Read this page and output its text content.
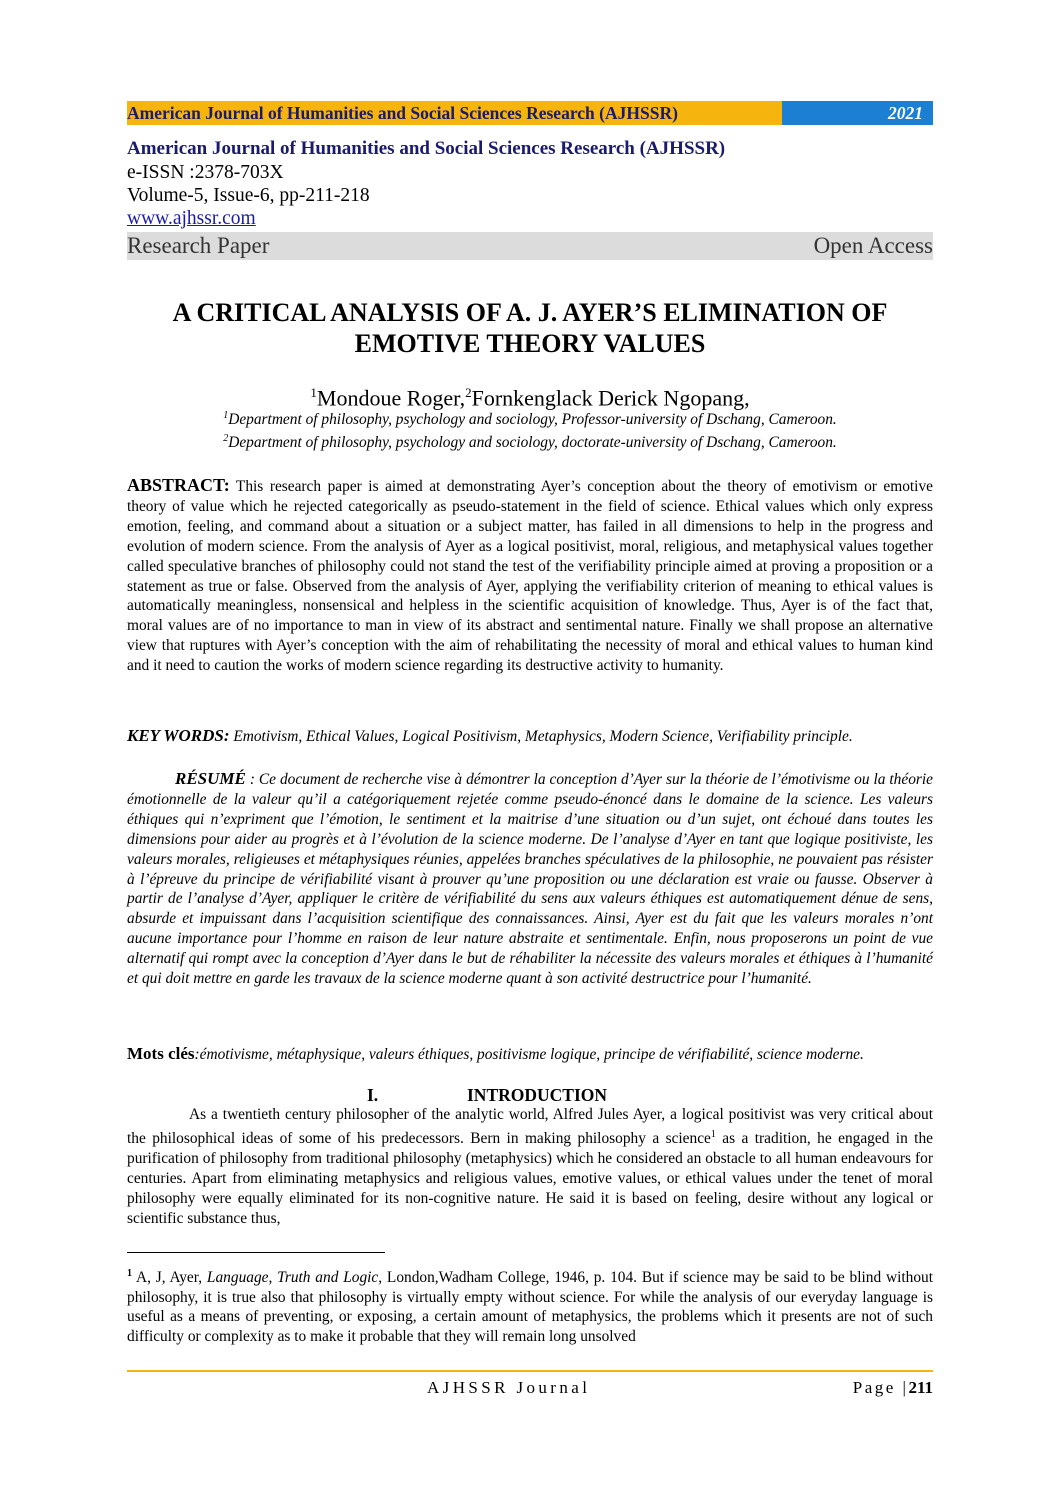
American Journal of Humanities and Social Sciences Research (AJHSSR)	2021
American Journal of Humanities and Social Sciences Research (AJHSSR)
e-ISSN :2378-703X
Volume-5, Issue-6, pp-211-218
www.ajhssr.com
Research Paper	Open Access
A CRITICAL ANALYSIS OF A. J. AYER’S ELIMINATION OF
EMOTIVE THEORY VALUES
$^1$Mondoue Roger,$^2$Fornkenglack Derick Ngopang,
$^1$Department of philosophy, psychology and sociology, Professor-university of Dschang, Cameroon.
$^2$Department of philosophy, psychology and sociology, doctorate-university of Dschang, Cameroon.
ABSTRACT: This research paper is aimed at demonstrating Ayer’s conception about the theory of emotivism or emotive theory of value which he rejected categorically as pseudo-statement in the field of science. Ethical values which only express emotion, feeling, and command about a situation or a subject matter, has failed in all dimensions to help in the progress and evolution of modern science. From the analysis of Ayer as a logical positivist, moral, religious, and metaphysical values together called speculative branches of philosophy could not stand the test of the verifiability principle aimed at proving a proposition or a statement as true or false. Observed from the analysis of Ayer, applying the verifiability criterion of meaning to ethical values is automatically meaningless, nonsensical and helpless in the scientific acquisition of knowledge. Thus, Ayer is of the fact that, moral values are of no importance to man in view of its abstract and sentimental nature. Finally we shall propose an alternative view that ruptures with Ayer’s conception with the aim of rehabilitating the necessity of moral and ethical values to human kind and it need to caution the works of modern science regarding its destructive activity to humanity.
KEY WORDS: Emotivism, Ethical Values, Logical Positivism, Metaphysics, Modern Science, Verifiability principle.
RÉSUMÉ : Ce document de recherche vise à démontrer la conception d’Ayer sur la théorie de l’émotivisme ou la théorie émotionnelle de la valeur qu’il a catégoriquement rejetée comme pseudo-énoncé dans le domaine de la science. Les valeurs éthiques qui n’expriment que l’émotion, le sentiment et la maitrise d’une situation ou d’un sujet, ont échoué dans toutes les dimensions pour aider au progrès et à l’évolution de la science moderne. De l’analyse d’Ayer en tant que logique positiviste, les valeurs morales, religieuses et métaphysiques réunies, appelées branches spéculatives de la philosophie, ne pouvaient pas résister à l’épreuve du principe de vérifiabilité visant à prouver qu’une proposition ou une déclaration est vraie ou fausse. Observer à partir de l’analyse d’Ayer, appliquer le critère de vérifiabilité du sens aux valeurs éthiques est automatiquement dénue de sens, absurde et impuissant dans l’acquisition scientifique des connaissances. Ainsi, Ayer est du fait que les valeurs morales n’ont aucune importance pour l’homme en raison de leur nature abstraite et sentimentale. Enfin, nous proposerons un point de vue alternatif qui rompt avec la conception d’Ayer dans le but de réhabiliter la nécessite des valeurs morales et éthiques à l’humanité et qui doit mettre en garde les travaux de la science moderne quant à son activité destructrice pour l’humanité.
Mots clés:émotivisme, métaphysique, valeurs éthiques, positivisme logique, principe de vérifiabilité, science moderne.
I.	INTRODUCTION
As a twentieth century philosopher of the analytic world, Alfred Jules Ayer, a logical positivist was very critical about the philosophical ideas of some of his predecessors. Bern in making philosophy a science$^1$ as a tradition, he engaged in the purification of philosophy from traditional philosophy (metaphysics) which he considered an obstacle to all human endeavours for centuries. Apart from eliminating metaphysics and religious values, emotive values, or ethical values under the tenet of moral philosophy were equally eliminated for its non-cognitive nature. He said it is based on feeling, desire without any logical or scientific substance thus,
$^1$ A, J, Ayer, Language, Truth and Logic, London,Wadham College, 1946, p. 104. But if science may be said to be blind without philosophy, it is true also that philosophy is virtually empty without science. For while the analysis of our everyday language is useful as a means of preventing, or exposing, a certain amount of metaphysics, the problems which it presents are not of such difficulty or complexity as to make it probable that they will remain long unsolved
AJHSSR Journal	Page |211
